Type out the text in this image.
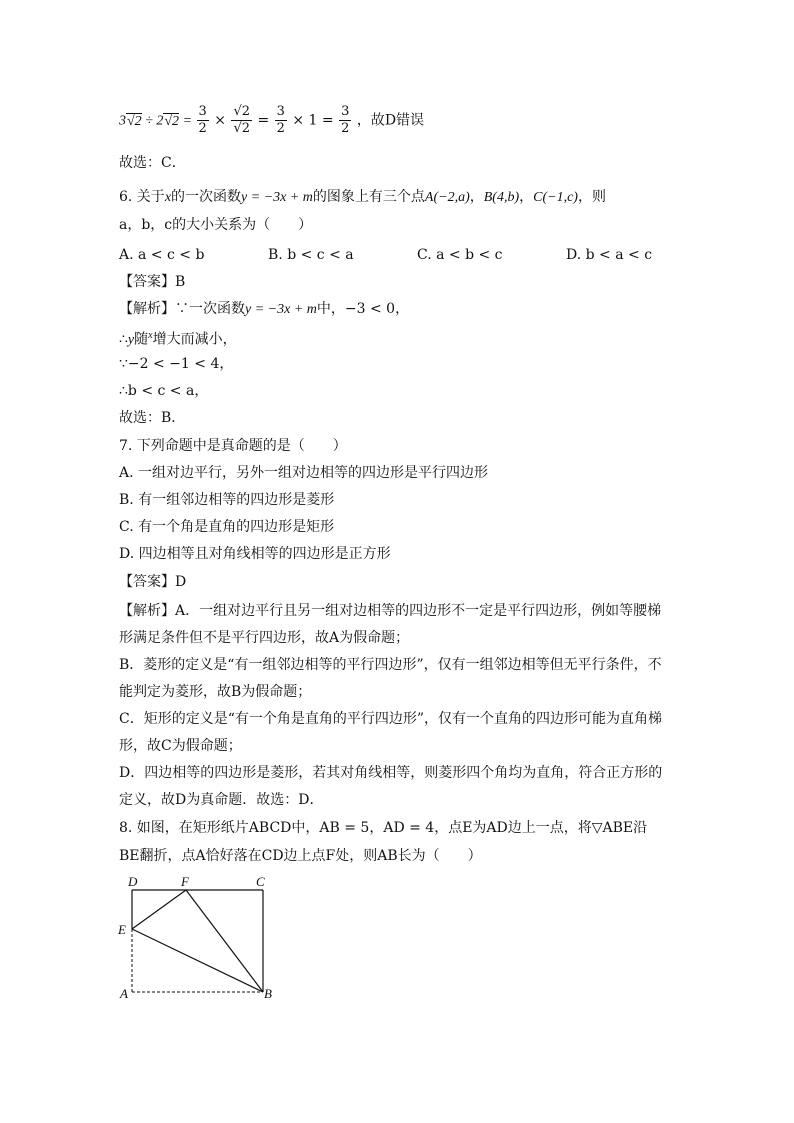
$3√2 \div 2√2 = \frac{3}{2} \times \frac{√2}{√2} = \frac{3}{2} \times 1 = \frac{3}{2}$ ，故D错误
故选：C．
6. 关于x的一次函数y = −3x + m的图象上有三个点A(−2,a)，B(4,b)，C(−1,c)，则
a，b，c的大小关系为（　　）
A. a < c < b	B. b < c < a	C. a < b < c	D. b < a < c
【答案】B
【解析】∵一次函数y = −3x + m中，−3 < 0，
∴y随$^x$增大而减小，
∵−2 < −1 < 4，
∴b < c < a，
故选：B．
7. 下列命题中是真命题的是（　　）
A. 一组对边平行，另外一组对边相等的四边形是平行四边形
B. 有一组邻边相等的四边形是菱形
C. 有一个角是直角的四边形是矩形
D. 四边相等且对角线相等的四边形是正方形
【答案】D
【解析】A．一组对边平行且另一组对边相等的四边形不一定是平行四边形，例如等腰梯
形满足条件但不是平行四边形，故A为假命题；
B．菱形的定义是“有一组邻边相等的平行四边形”，仅有一组邻边相等但无平行条件，不
能判定为菱形，故B为假命题；
C．矩形的定义是“有一个角是直角的平行四边形”，仅有一个直角的四边形可能为直角梯
形，故C为假命题；
D．四边相等的四边形是菱形，若其对角线相等，则菱形四个角均为直角，符合正方形的
定义，故D为真命题．故选：D．
8. 如图，在矩形纸片ABCD中，AB = 5，AD = 4，点E为AD边上一点，将▽ABE沿
BE翻折，点A恰好落在CD边上点F处，则AB长为（　　）
D	F	C
E
A	B
